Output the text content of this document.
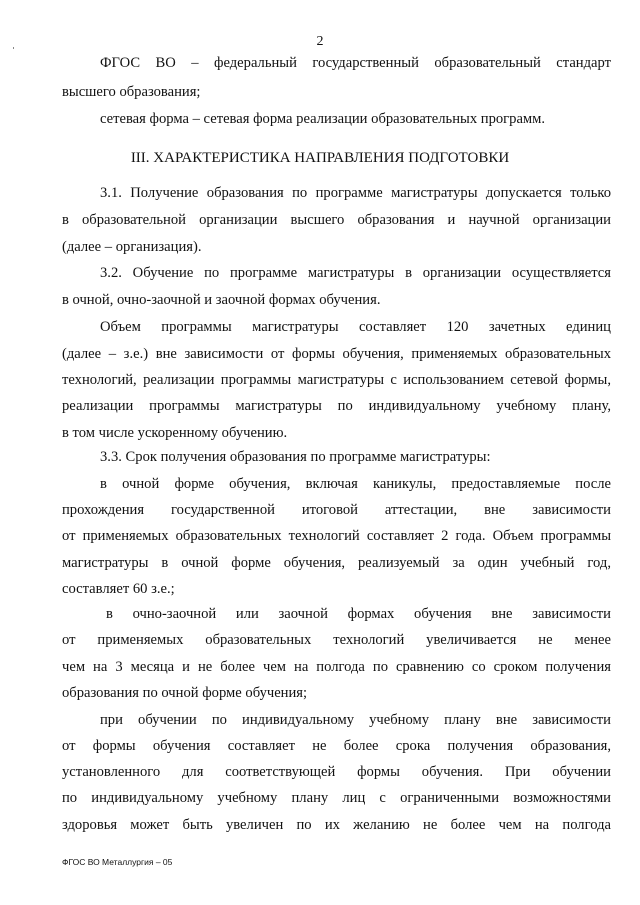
2
ФГОС ВО – федеральный государственный образовательный стандарт
высшего образования;
сетевая форма – сетевая форма реализации образовательных программ.
III. ХАРАКТЕРИСТИКА НАПРАВЛЕНИЯ ПОДГОТОВКИ
3.1. Получение образования по программе магистратуры допускается только
в образовательной организации высшего образования и научной организации
(далее – организация).
3.2. Обучение по программе магистратуры в организации осуществляется
в очной, очно-заочной и заочной формах обучения.
Объем программы магистратуры составляет 120 зачетных единиц
(далее – з.е.) вне зависимости от формы обучения, применяемых образовательных
технологий, реализации программы магистратуры с использованием сетевой формы,
реализации программы магистратуры по индивидуальному учебному плану,
в том числе ускоренному обучению.
3.3. Срок получения образования по программе магистратуры:
в очной форме обучения, включая каникулы, предоставляемые после
прохождения государственной итоговой аттестации, вне зависимости
от применяемых образовательных технологий составляет 2 года. Объем программы
магистратуры в очной форме обучения, реализуемый за один учебный год,
составляет 60 з.е.;
в очно-заочной или заочной формах обучения вне зависимости
от применяемых образовательных технологий увеличивается не менее
чем на 3 месяца и не более чем на полгода по сравнению со сроком получения
образования по очной форме обучения;
при обучении по индивидуальному учебному плану вне зависимости
от формы обучения составляет не более срока получения образования,
установленного для соответствующей формы обучения. При обучении
по индивидуальному учебному плану лиц с ограниченными возможностями
здоровья может быть увеличен по их желанию не более чем на полгода
ФГОС ВО Металлургия – 05
